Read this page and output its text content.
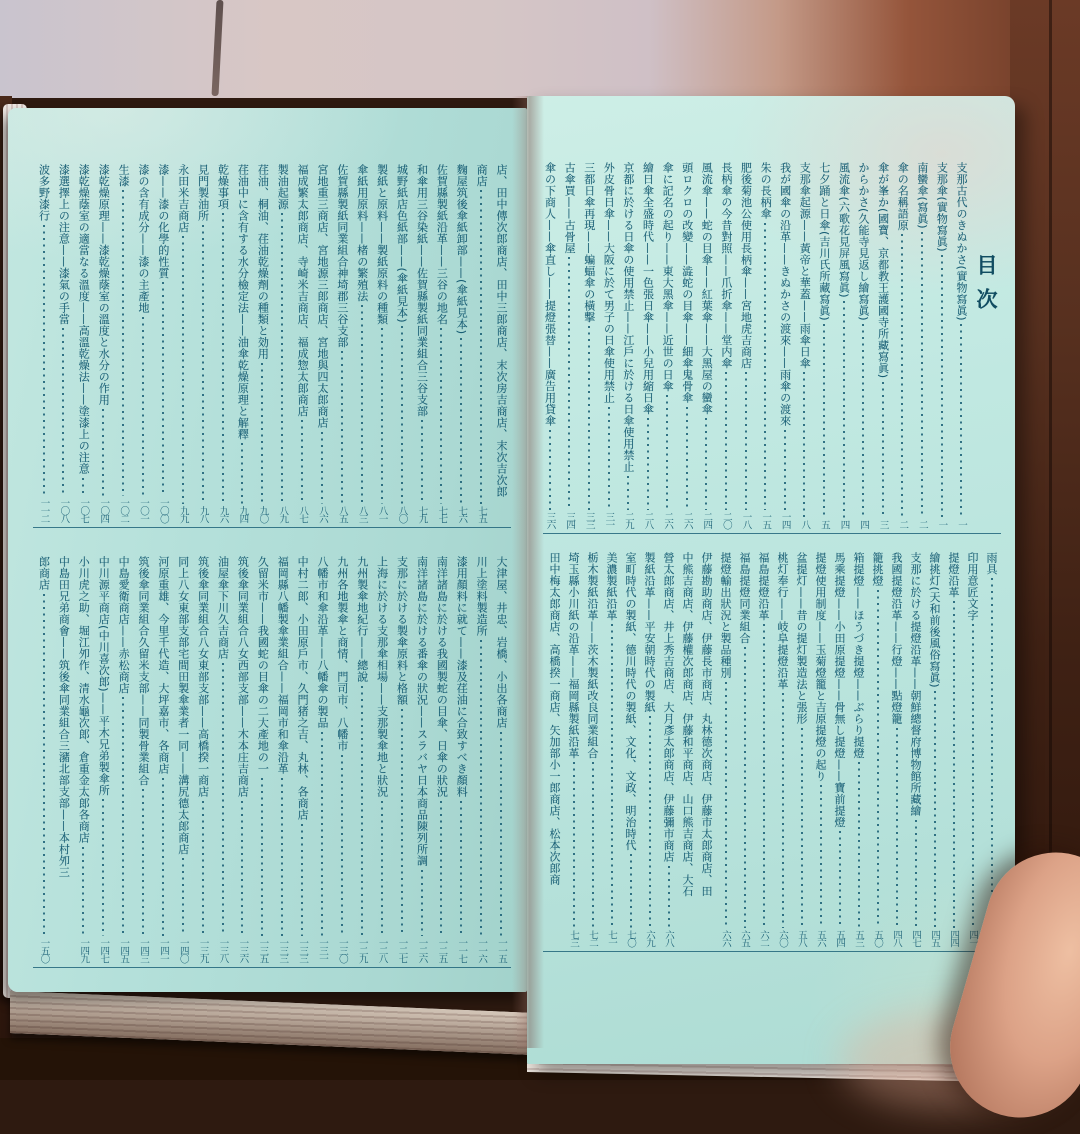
店、田中傳次郎商店、田中三郎商店、末次房吉商店、末次吉次郎
商店
七五
麴屋筑後傘紙卸部——(傘紙見本)
七六
佐賀縣製紙沿革——三谷の地名
七七
和傘用三谷染紙——佐賀縣製紙同業組合三谷支部
七九
城野紙店色紙部——(傘紙見本)
八〇
製紙と原料——製紙原料の種類
八一
傘紙用原料——楮の繁殖法
八三
佐賀縣製紙同業組合神埼郡三谷支部
八五
宮地重三商店、宮地源三郎商店、宮地與四太郎商店
八六
福成繁太郎商店、寺崎米吉商店、福成惣太郎商店
八七
製油起源
八九
荏油、桐油、荏油乾燥劑の種類と効用
九〇
荏油中に含有する水分檢定法——油傘乾燥原理と解釋
九四
乾燥事項
九六
見門製油所
九八
永田米吉商店
九九
漆——漆の化學的性質
一〇〇
漆の含有成分——漆の主產地
一〇一
生漆
一〇二
漆乾燥原理——漆乾燥蔭室の溫度と水分の作用
一〇四
漆乾燥蔭室の適當なる溫度——高溫乾燥法——塗漆上の注意
一〇七
漆選擇上の注意——漆氣の手當
一〇八
波多野漆行
一一二
大津屋、井忠、岩橋、小出各商店
一一五
川上塗料製造所
一一六
漆用顏料に就て——漆及荏油に合致すべき顏料
一一七
南洋諸島に於ける我國製蛇の目傘、日傘の狀況
一二五
南洋諸島に於ける番傘の狀況——スラバヤ日本商品陳列所調
一二六
支那に於ける製傘原料と格額
一二七
上海に於ける支那傘相場——支那製傘地と狀況
一二八
九州製傘地紀行——總說
一二九
九州各地製傘と商情、門司市、八幡市
一三〇
八幡市和傘沿革——八幡傘の製品
一三一
中村二郎、小田原戶市、久門猪之吉、丸林、各商店
一三三
福岡縣八幡製傘業組合——福岡市和傘沿革
一三三
久留米市——我國蛇の目傘の二大產地の一
一三五
筑後傘同業組合八女西部支部——木本庄吉商店
一三六
油屋傘下川久吉商店
一三八
筑後傘同業組合八女東部支部——高橋揆一商店
一三九
同上八女東部支部宅間田製傘業者一同——溝尻德太郎商店
一四〇
河原重雄、今里千代造、大坪嘉市、各商店
一四一
筑後傘同業組合久留米支部——同製骨業組合
一四三
中島愛衛商店——赤松商店
一四五
中川源平商店(中川喜次郎)——平木兄弟製傘所
一四七
小川虎之助、堀江夘作、清水龜次郎、倉重金太郎各商店
一四九
中島田兄弟商會——筑後傘同業組合三瀦北部支部——本村夘三
郎商店
一五〇
目次
支那古代のきぬかさ(實物寫眞)
一
支那傘(實物寫眞)
一
南蠻傘(寫眞)
二
傘の名稱語原
二
傘が峯か(國寶、京都教王護國寺所藏寫眞)
三
からかさ(久能寺見返し繪寫眞)
四
風流傘(六歌花見屏風寫眞)
四
七夕踊と日傘(吉川氏所藏寫眞)
五
支那傘起源——黃帝と華蓋——雨傘日傘
八
我が國傘の沿革——きぬかさの渡來——雨傘の渡來
一四
朱の長柄傘
一五
肥後菊池公使用長柄傘——宮地虎吉商店
一八
長柄傘の今昔對照——爪折傘——堂内傘
二〇
風流傘——蛇の目傘——紅葉傘——大黑屋の蠻傘
二四
頭ロクロの改變——澁蛇の目傘——細傘鬼骨傘
二六
傘に記名の起り——東大黑傘——近世の日傘
二六
繪日傘全盛時代——一色張日傘——小兒用縮日傘
二八
京都に於ける日傘の使用禁止——江戶に於ける日傘使用禁止
二九
外皮骨日傘——大阪に於て男子の日傘使用禁止
三一
三都日傘再現——蝙蝠傘の橫擊
三三
古傘買——古骨屋
三四
傘の下商人——傘直し——提燈張替——廣告用貸傘
三六
雨具
印用意匠文字
四一
提燈沿革
四四
繪挑灯(天和前後風俗寫眞)
四五
支那に於ける提燈沿革——朝鮮總督府博物館所藏繪
四七
我國提燈沿革——行燈——點燈籠
四八
籠挑燈
五〇
箱提燈——ほうづき提燈——ぶらり提燈
五三
馬乘提燈——小田原提燈——骨無し提燈——寶前提燈
五四
提燈使用制度——玉菊燈籠と吉原提燈の起り
五六
盆提灯——昔の提灯製造法と張形
五八
桃灯奉行——岐阜提燈沿革
六〇
福島提燈沿革
六二
福島提燈同業組合
六五
提燈輸出狀況と製品種別
六六
伊藤勘助商店、伊藤長市商店、丸林德次商店、伊藤市太郎商店、田
中熊吉商店、伊藤權次郎商店、伊藤和平商店、山口熊吉商店、大石
營太郎商店、井上秀吉商店、大月彥太郎商店、伊藤彌市商店
六八
製紙沿革——平安朝時代の製紙
六九
室町時代の製紙、德川時代の製紙、文化、文政、明治時代
七〇
美濃製紙沿革
七一
栃木製紙沿革——茨木製紙改良同業組合
七二
埼玉縣小川紙の沿革——福岡縣製紙沿革
七三
田中梅太郎商店、高橋揆一商店、矢加部小一郎商店、松本次郎商
